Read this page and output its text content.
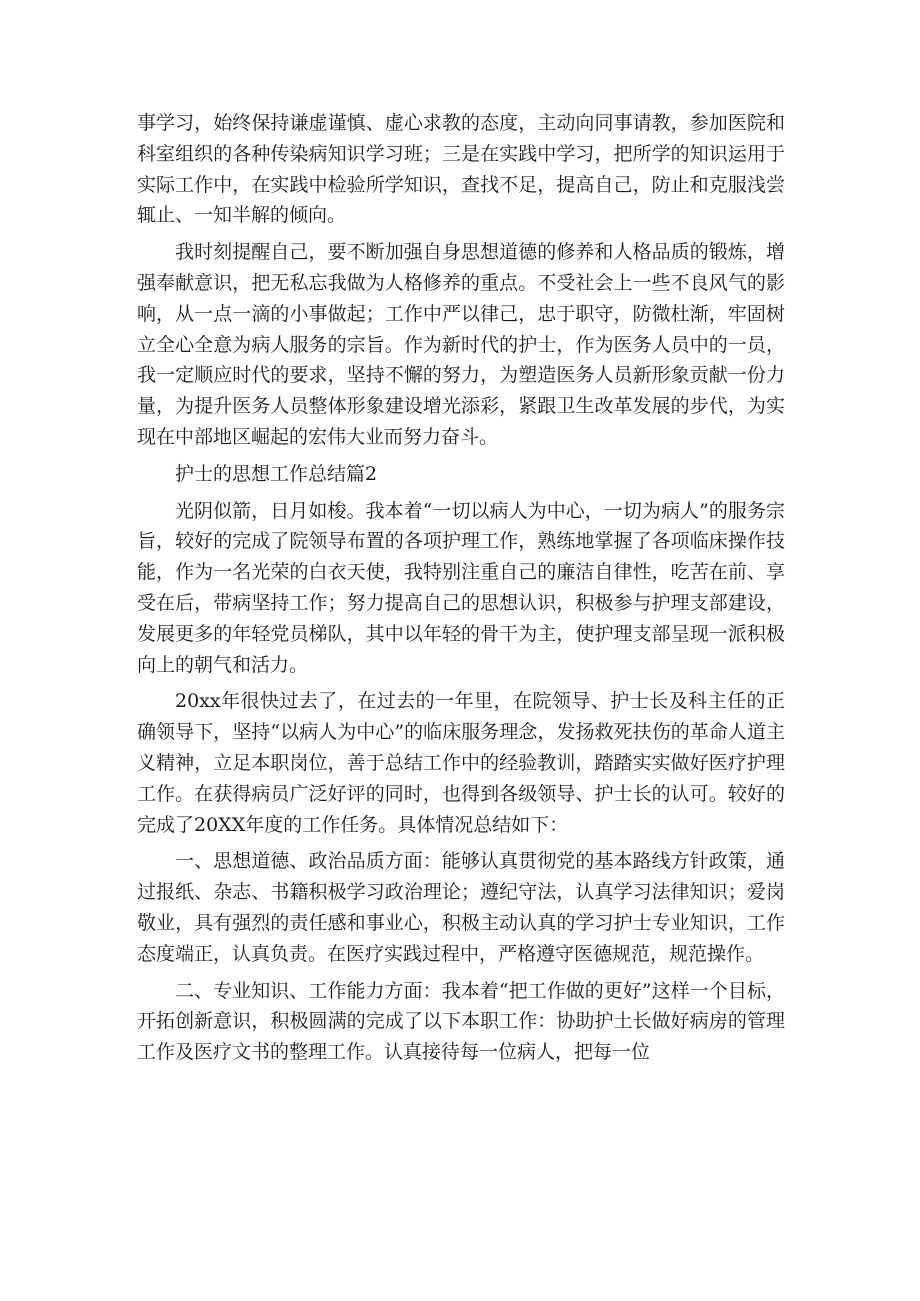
事学习，始终保持谦虚谨慎、虚心求教的态度，主动向同事请教，参加医院和科室组织的各种传染病知识学习班；三是在实践中学习，把所学的知识运用于实际工作中，在实践中检验所学知识，查找不足，提高自己，防止和克服浅尝辄止、一知半解的倾向。

我时刻提醒自己，要不断加强自身思想道德的修养和人格品质的锻炼，增强奉献意识，把无私忘我做为人格修养的重点。不受社会上一些不良风气的影响，从一点一滴的小事做起；工作中严以律己，忠于职守，防微杜渐，牢固树立全心全意为病人服务的宗旨。作为新时代的护士，作为医务人员中的一员，我一定顺应时代的要求，坚持不懈的努力，为塑造医务人员新形象贡献一份力量，为提升医务人员整体形象建设增光添彩，紧跟卫生改革发展的步代，为实现在中部地区崛起的宏伟大业而努力奋斗。

护士的思想工作总结篇2

光阴似箭，日月如梭。我本着“一切以病人为中心，一切为病人”的服务宗旨，较好的完成了院领导布置的各项护理工作，熟练地掌握了各项临床操作技能，作为一名光荣的白衣天使，我特别注重自己的廉洁自律性，吃苦在前、享受在后，带病坚持工作；努力提高自己的思想认识，积极参与护理支部建设，发展更多的年轻党员梯队，其中以年轻的骨干为主，使护理支部呈现一派积极向上的朝气和活力。

20xx年很快过去了，在过去的一年里，在院领导、护士长及科主任的正确领导下，坚持“以病人为中心”的临床服务理念，发扬救死扶伤的革命人道主义精神，立足本职岗位，善于总结工作中的经验教训，踏踏实实做好医疗护理工作。在获得病员广泛好评的同时，也得到各级领导、护士长的认可。较好的完成了20XX年度的工作任务。具体情况总结如下：

一、思想道德、政治品质方面：能够认真贯彻党的基本路线方针政策，通过报纸、杂志、书籍积极学习政治理论；遵纪守法，认真学习法律知识；爱岗敬业，具有强烈的责任感和事业心，积极主动认真的学习护士专业知识，工作态度端正，认真负责。在医疗实践过程中，严格遵守医德规范，规范操作。

二、专业知识、工作能力方面：我本着“把工作做的更好”这样一个目标，开拓创新意识，积极圆满的完成了以下本职工作：协助护土长做好病房的管理工作及医疗文书的整理工作。认真接待每一位病人，把每一位
